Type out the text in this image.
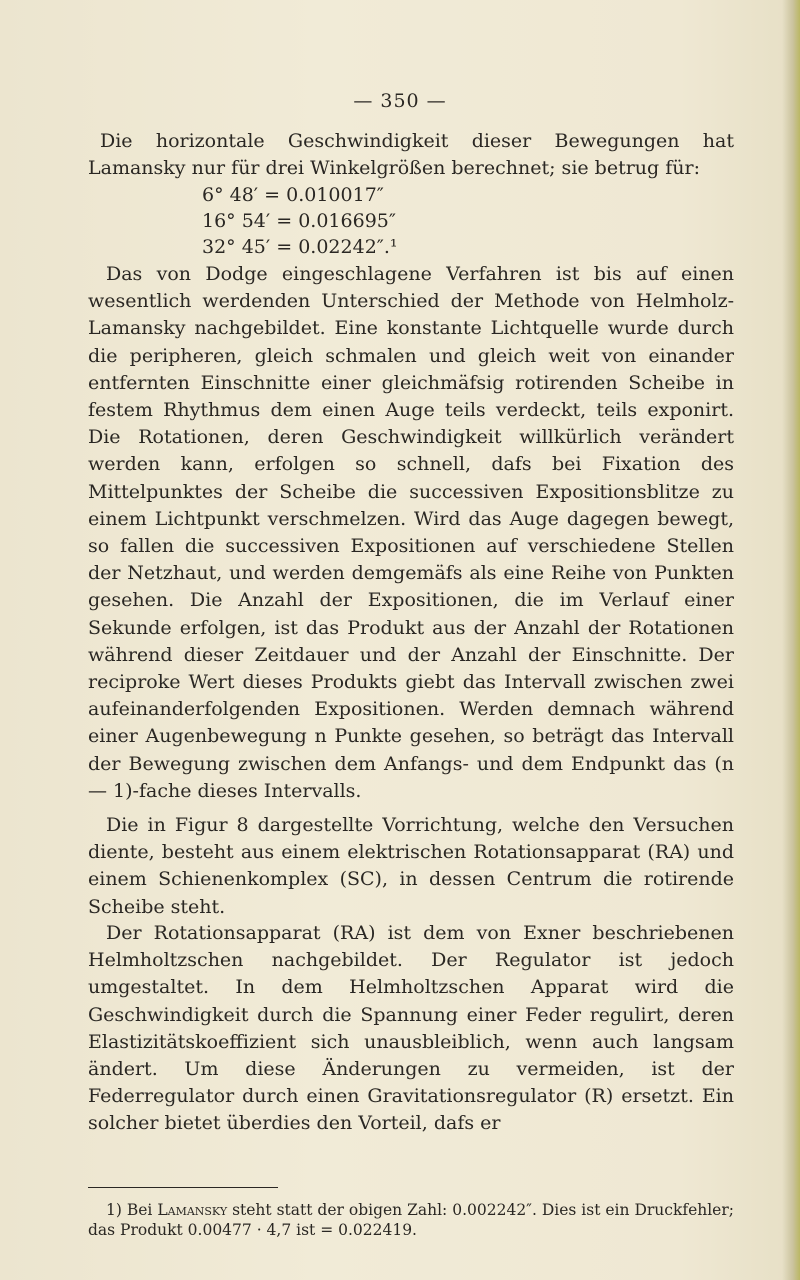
— 350 —

Die horizontale Geschwindigkeit dieser Bewegungen hat Lamansky nur für drei Winkelgrößen berechnet; sie betrug für:

6° 48′ = 0.010017″
16° 54′ = 0.016695″
32° 45′ = 0.02242″.¹

Das von Dodge eingeschlagene Verfahren ist bis auf einen wesentlich werdenden Unterschied der Methode von Helmholz-Lamansky nachgebildet. Eine konstante Lichtquelle wurde durch die peripheren, gleich schmalen und gleich weit von einander entfernten Einschnitte einer gleichmäfsig rotirenden Scheibe in festem Rhythmus dem einen Auge teils verdeckt, teils exponirt. Die Rotationen, deren Geschwindigkeit willkürlich verändert werden kann, erfolgen so schnell, dafs bei Fixation des Mittelpunktes der Scheibe die successiven Expositionsblitze zu einem Lichtpunkt verschmelzen. Wird das Auge dagegen bewegt, so fallen die successiven Expositionen auf verschiedene Stellen der Netzhaut, und werden demgemäfs als eine Reihe von Punkten gesehen. Die Anzahl der Expositionen, die im Verlauf einer Sekunde erfolgen, ist das Produkt aus der Anzahl der Rotationen während dieser Zeitdauer und der Anzahl der Einschnitte. Der reciproke Wert dieses Produkts giebt das Intervall zwischen zwei aufeinanderfolgenden Expositionen. Werden demnach während einer Augenbewegung n Punkte gesehen, so beträgt das Intervall der Bewegung zwischen dem Anfangs- und dem Endpunkt das (n — 1)-fache dieses Intervalls.

Die in Figur 8 dargestellte Vorrichtung, welche den Versuchen diente, besteht aus einem elektrischen Rotationsapparat (RA) und einem Schienenkomplex (SC), in dessen Centrum die rotirende Scheibe steht.

Der Rotationsapparat (RA) ist dem von Exner beschriebenen Helmholtzschen nachgebildet. Der Regulator ist jedoch umgestaltet. In dem Helmholtzschen Apparat wird die Geschwindigkeit durch die Spannung einer Feder regulirt, deren Elastizitätskoeffizient sich unausbleiblich, wenn auch langsam ändert. Um diese Änderungen zu vermeiden, ist der Federregulator durch einen Gravitationsregulator (R) ersetzt. Ein solcher bietet überdies den Vorteil, dafs er

1) Bei Lamansky steht statt der obigen Zahl: 0.002242″. Dies ist ein Druckfehler; das Produkt 0.00477 · 4,7 ist = 0.022419.
